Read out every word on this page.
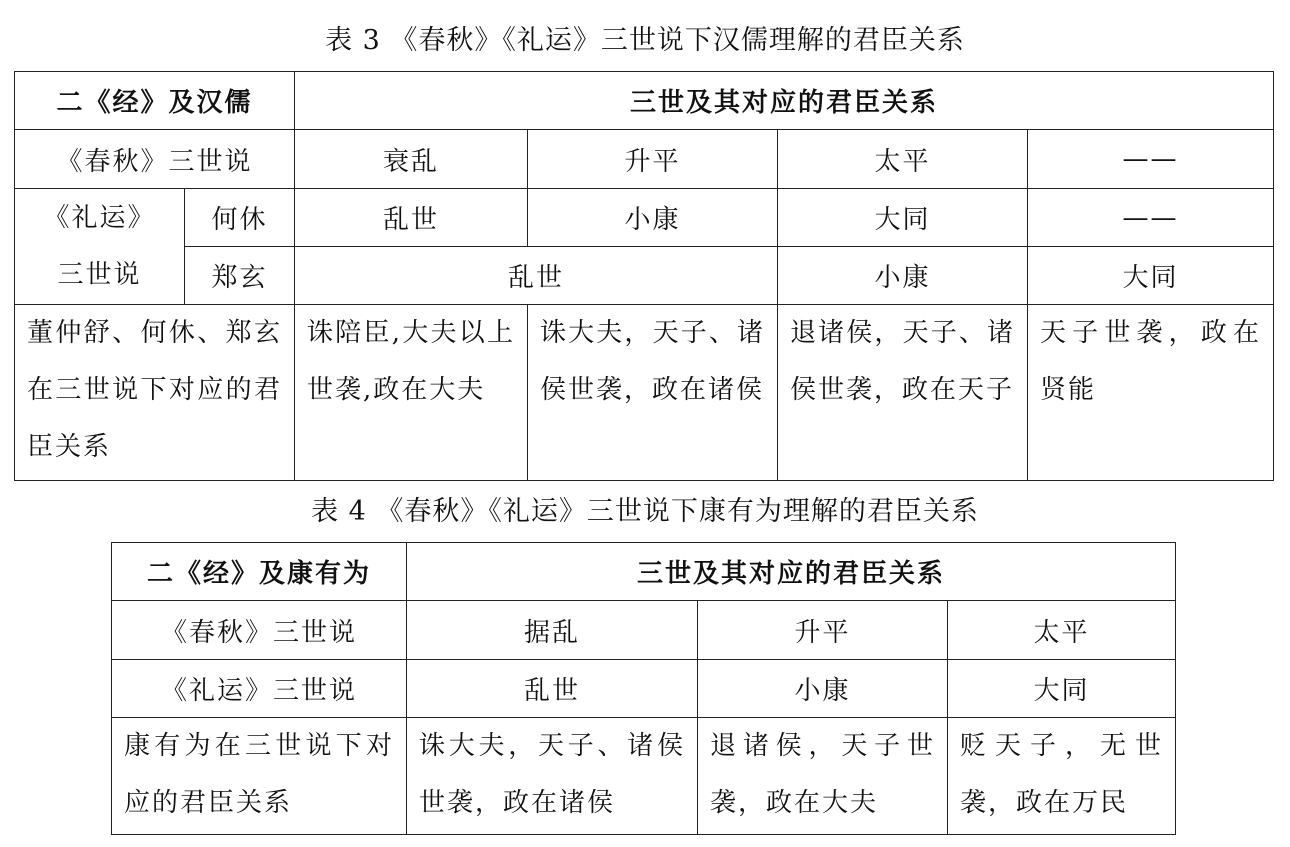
表 3 《春秋》《礼运》三世说下汉儒理解的君臣关系
二《经》及汉儒		三世及其对应的君臣关系			
《春秋》三世说		衰乱	升平	太平	——

《礼运》
三世说	何休	乱世	小康	大同	——
	郑玄	乱世		小康	大同

董仲舒、何休、郑玄在三世说下对应的君臣关系		诛陪臣,大夫以上世袭,政在大夫	诛大夫，天子、诸侯世袭，政在诸侯	退诸侯，天子、诸侯世袭，政在天子	天子世袭，政在贤能
表 4 《春秋》《礼运》三世说下康有为理解的君臣关系
二《经》及康有为	三世及其对应的君臣关系		
《春秋》三世说	据乱	升平	太平
《礼运》三世说	乱世	小康	大同

康有为在三世说下对应的君臣关系	诛大夫，天子、诸侯世袭，政在诸侯	退诸侯，天子世袭，政在大夫	贬天子，无世袭，政在万民
